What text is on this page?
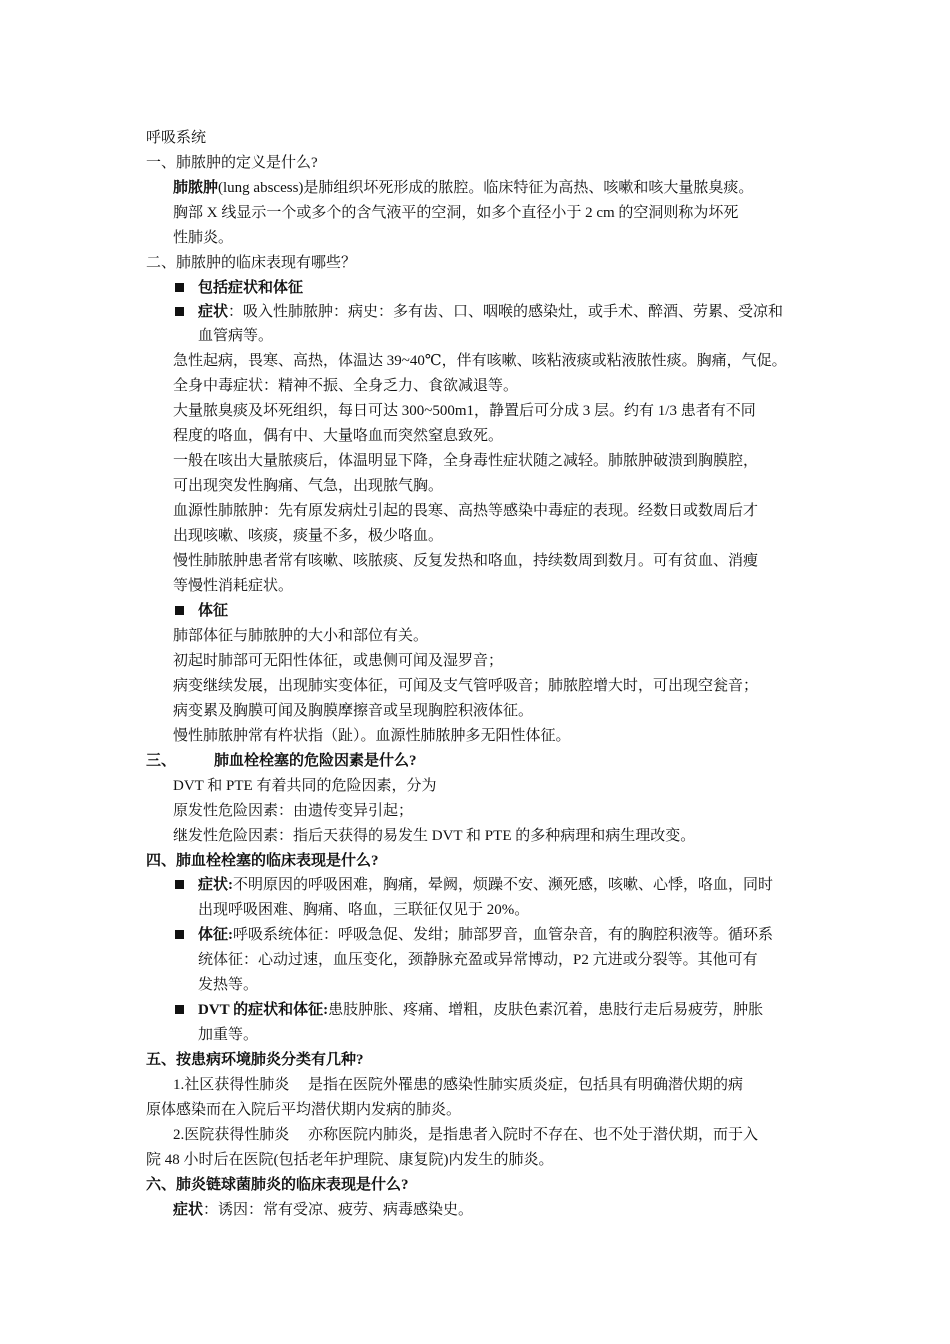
呼吸系统
一、肺脓肿的定义是什么?
肺脓肿(lung abscess)是肺组织坏死形成的脓腔。临床特征为高热、咳嗽和咳大量脓臭痰。
胸部 X 线显示一个或多个的含气液平的空洞，如多个直径小于 2 cm 的空洞则称为坏死
性肺炎。
二、肺脓肿的临床表现有哪些？
包括症状和体征
症状：吸入性肺脓肿：病史：多有齿、口、咽喉的感染灶，或手术、醉酒、劳累、受凉和
血管病等。
急性起病，畏寒、高热，体温达 39~40℃，伴有咳嗽、咳粘液痰或粘液脓性痰。胸痛，气促。
全身中毒症状：精神不振、全身乏力、食欲减退等。
大量脓臭痰及坏死组织，每日可达 300~500m1，静置后可分成 3 层。约有 1/3 患者有不同
程度的咯血，偶有中、大量咯血而突然窒息致死。
一般在咳出大量脓痰后，体温明显下降，全身毒性症状随之减轻。肺脓肿破溃到胸膜腔，
可出现突发性胸痛、气急，出现脓气胸。
血源性肺脓肿：先有原发病灶引起的畏寒、高热等感染中毒症的表现。经数日或数周后才
出现咳嗽、咳痰，痰量不多，极少咯血。
慢性肺脓肿患者常有咳嗽、咳脓痰、反复发热和咯血，持续数周到数月。可有贫血、消瘦
等慢性消耗症状。
体征
肺部体征与肺脓肿的大小和部位有关。
初起时肺部可无阳性体征，或患侧可闻及湿罗音；
病变继续发展，出现肺实变体征，可闻及支气管呼吸音；肺脓腔增大时，可出现空瓮音；
病变累及胸膜可闻及胸膜摩擦音或呈现胸腔积液体征。
慢性肺脓肿常有杵状指（趾）。血源性肺脓肿多无阳性体征。
三、	肺血栓栓塞的危险因素是什么?
DVT 和 PTE 有着共同的危险因素，分为
原发性危险因素：由遗传变异引起；
继发性危险因素：指后天获得的易发生 DVT 和 PTE 的多种病理和病生理改变。
四、肺血栓栓塞的临床表现是什么?
症状:不明原因的呼吸困难，胸痛，晕阙，烦躁不安、濒死感，咳嗽、心悸，咯血，同时
出现呼吸困难、胸痛、咯血，三联征仅见于 20%。
体征:呼吸系统体征：呼吸急促、发绀；肺部罗音，血管杂音，有的胸腔积液等。循环系
统体征：心动过速，血压变化，颈静脉充盈或异常博动，P2 亢进或分裂等。其他可有
发热等。
DVT 的症状和体征:患肢肿胀、疼痛、增粗，皮肤色素沉着，患肢行走后易疲劳，肿胀
加重等。
五、按患病环境肺炎分类有几种?
1.社区获得性肺炎　 是指在医院外罹患的感染性肺实质炎症，包括具有明确潜伏期的病
原体感染而在入院后平均潜伏期内发病的肺炎。
2.医院获得性肺炎　 亦称医院内肺炎，是指患者入院时不存在、也不处于潜伏期，而于入
院 48 小时后在医院(包括老年护理院、康复院)内发生的肺炎。
六、肺炎链球菌肺炎的临床表现是什么?
症状：诱因：常有受凉、疲劳、病毒感染史。
